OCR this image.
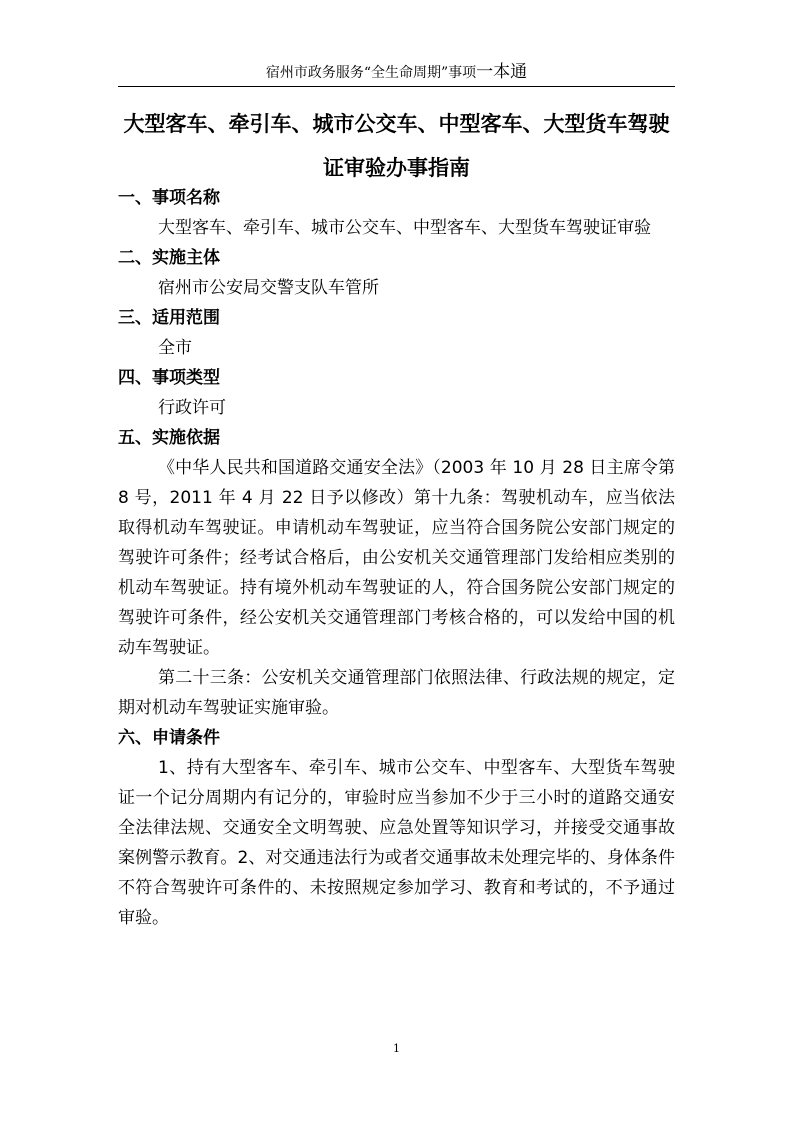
宿州市政务服务“全生命周期”事项一本通
大型客车、牵引车、城市公交车、中型客车、大型货车驾驶
证审验办事指南

一、事项名称

大型客车、牵引车、城市公交车、中型客车、大型货车驾驶证审验

二、实施主体

宿州市公安局交警支队车管所

三、适用范围

全市

四、事项类型

行政许可

五、实施依据

《中华人民共和国道路交通安全法》（2003 年 10 月 28 日主席令第 8 号，2011 年 4 月 22 日予以修改）第十九条：驾驶机动车，应当依法取得机动车驾驶证。申请机动车驾驶证，应当符合国务院公安部门规定的驾驶许可条件；经考试合格后，由公安机关交通管理部门发给相应类别的机动车驾驶证。持有境外机动车驾驶证的人，符合国务院公安部门规定的驾驶许可条件，经公安机关交通管理部门考核合格的，可以发给中国的机动车驾驶证。

第二十三条：公安机关交通管理部门依照法律、行政法规的规定，定期对机动车驾驶证实施审验。

六、申请条件

1、持有大型客车、牵引车、城市公交车、中型客车、大型货车驾驶证一个记分周期内有记分的，审验时应当参加不少于三小时的道路交通安全法律法规、交通安全文明驾驶、应急处置等知识学习，并接受交通事故案例警示教育。2、对交通违法行为或者交通事故未处理完毕的、身体条件不符合驾驶许可条件的、未按照规定参加学习、教育和考试的，不予通过审验。

1
